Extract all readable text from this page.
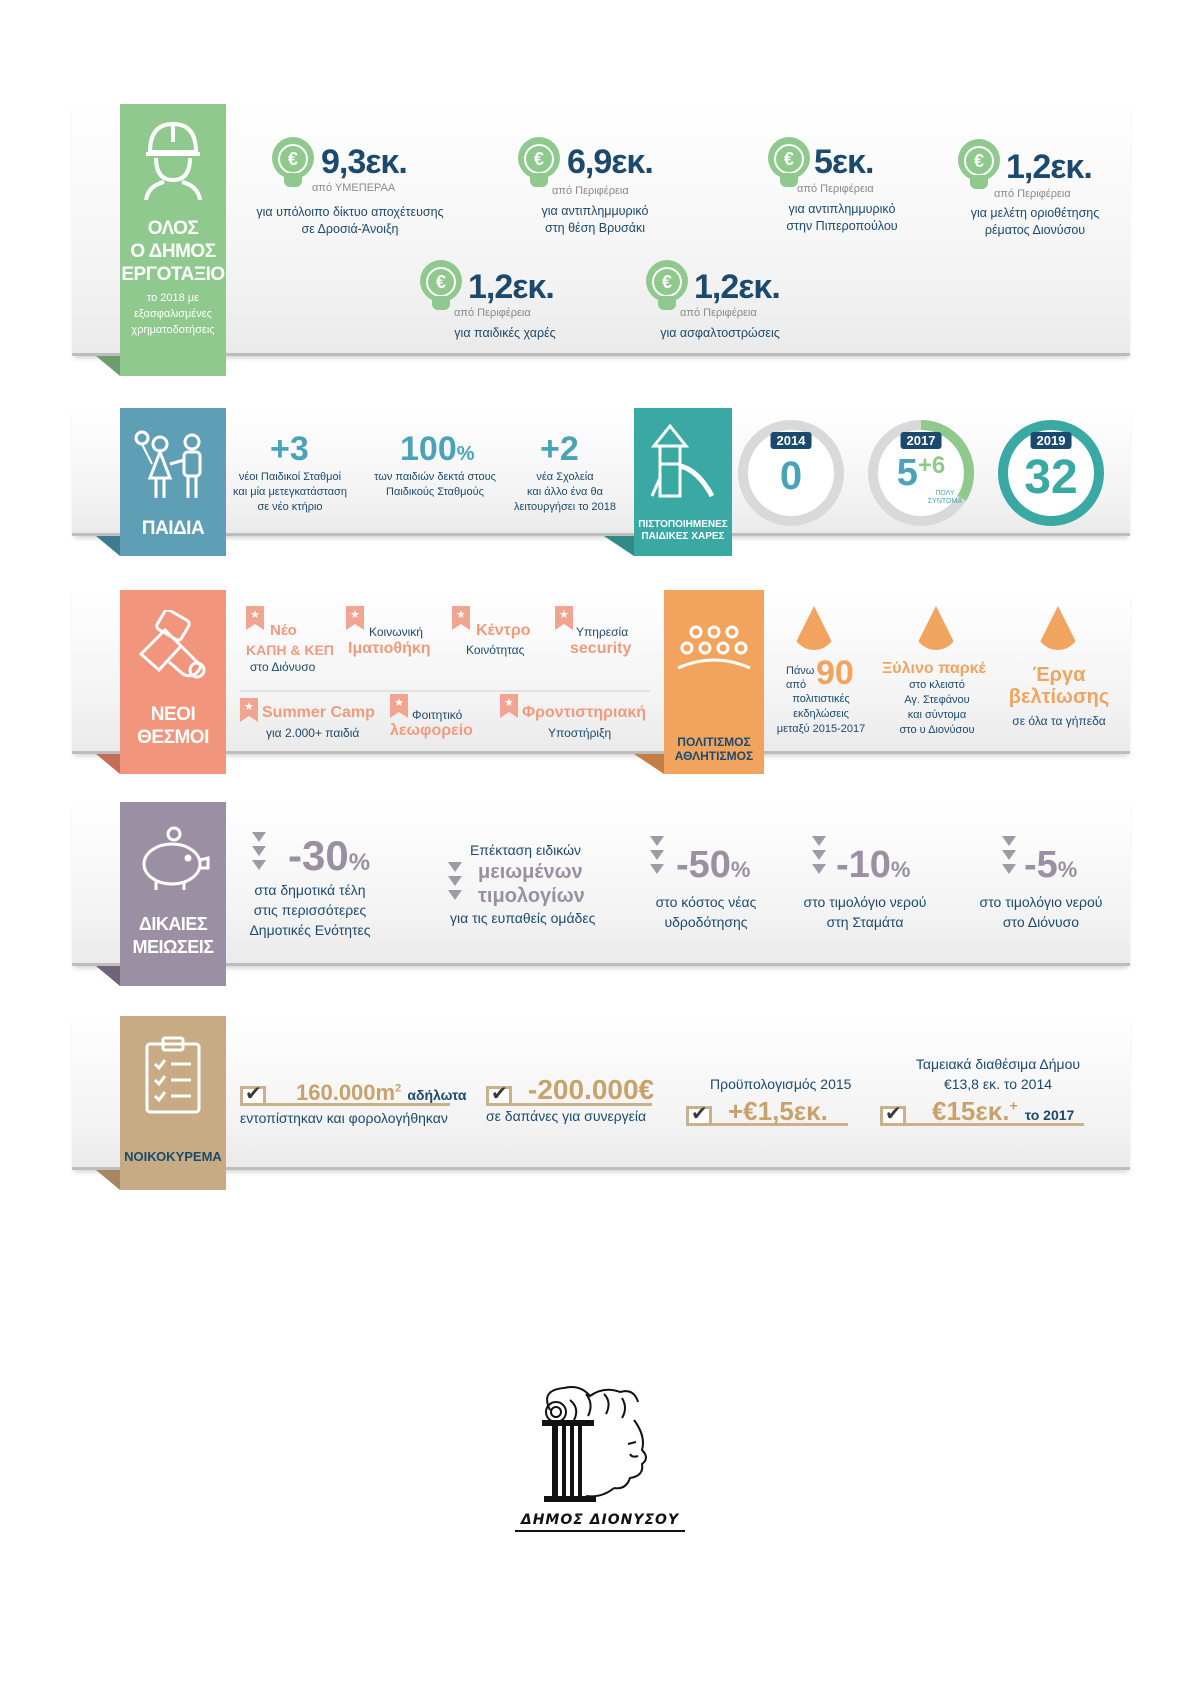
ΟΛΟΣ
Ο ΔΗΜΟΣ
ΕΡΓΟΤΑΞΙΟ
το 2018 με
εξασφαλισμένες
χρηματοδοτήσεις
€ 9,3εκ.
από ΥΜΕΠΕΡΑΑ
για υπόλοιπο δίκτυο αποχέτευσης
σε Δροσιά-Άνοιξη
€ 6,9εκ.
από Περιφέρεια
για αντιπλημμυρικό
στη θέση Βρυσάκι
€ 5εκ.
από Περιφέρεια
για αντιπλημμυρικό
στην Πιπεροπούλου
€ 1,2εκ.
από Περιφέρεια
για μελέτη οριοθέτησης
ρέματος Διονύσου
€ 1,2εκ.
από Περιφέρεια
για παιδικές χαρές
€ 1,2εκ.
από Περιφέρεια
για ασφαλτοστρώσεις
ΠΑΙΔΙΑ
+3
νέοι Παιδικοί Σταθμοί
και μία μετεγκατάσταση
σε νέο κτήριο
100%
των παιδιών δεκτά στους
Παιδικούς Σταθμούς
+2
νέα Σχολεία
και άλλο ένα θα
λειτουργήσει το 2018
ΠΙΣΤΟΠΟΙΗΜΕΝΕΣ
ΠΑΙΔΙΚΕΣ ΧΑΡΕΣ
2014
0
2017
$5^{+6}$
ΠΟΛΥ
ΣΥΝΤΟΜΑ
2019
32
ΝΕΟΙ
ΘΕΣΜΟΙ
★
Νέο
ΚΑΠΗ & ΚΕΠ
στο Διόνυσο
★
Κοινωνική
Ιματιοθήκη
★
Κέντρο
Κοινότητας
★
Υπηρεσία
security
★
Summer Camp
για 2.000+ παιδιά
★
Φοιτητικό
λεωφορείο
★
Φροντιστηριακή
Υποστήριξη
ΠΟΛΙΤΙΣΜΟΣ
ΑΘΛΗΤΙΣΜΟΣ
Πάνω
από 90
πολιτιστικές
εκδηλώσεις
μεταξύ 2015-2017
Ξύλινο παρκέ
στο κλειστό
Αγ. Στεφάνου
και σύντομα
στο υ Διονύσου
Έργα
βελτίωσης
σε όλα τα γήπεδα
ΔΙΚΑΙΕΣ
ΜΕΙΩΣΕΙΣ
-30%
στα δημοτικά τέλη
στις περισσότερες
Δημοτικές Ενότητες
Επέκταση ειδικών
μειωμένων
τιμολογίων
για τις ευπαθείς ομάδες
-50%
στο κόστος νέας
υδροδότησης
-10%
στο τιμολόγιο νερού
στη Σταμάτα
-5%
στο τιμολόγιο νερού
στο Διόνυσο
ΝΟΙΚΟΚΥΡΕΜΑ
✔
$160.000m^2$ αδήλωτα
εντοπίστηκαν και φορολογήθηκαν
✔
-200.000€
σε δαπάνες για συνεργεία
Προϋπολογισμός 2015
✔
+€1,5εκ.
Ταμειακά διαθέσιμα Δήμου
€13,8 εκ. το 2014
✔
€15εκ.+ το 2017
ΔΗΜΟΣ ΔΙΟΝΥΣΟΥ
